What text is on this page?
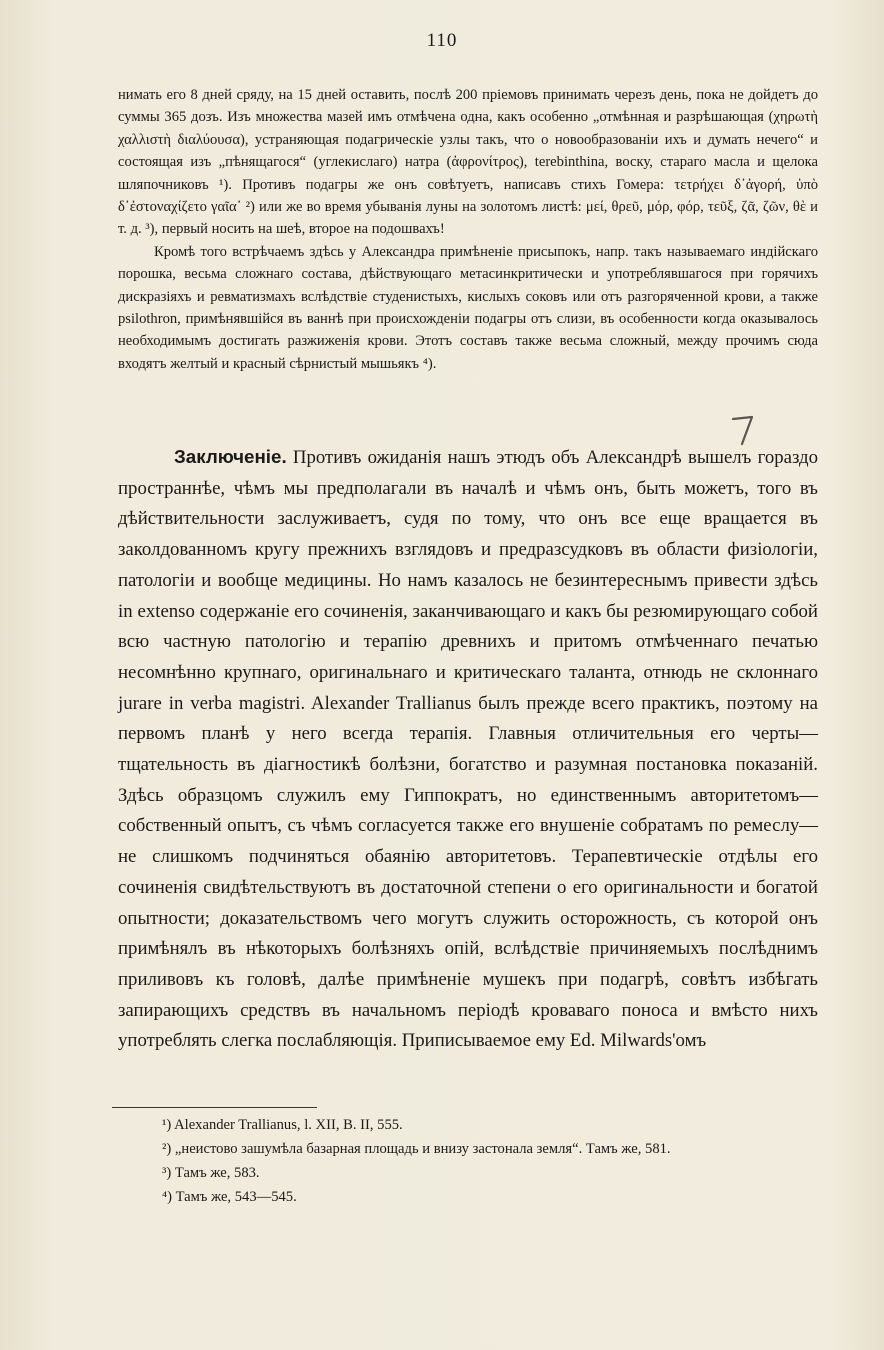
110

нимать его 8 дней сряду, на 15 дней оставить, послѣ 200 пріемовъ принимать черезъ день, пока не дойдетъ до суммы 365 дозъ. Изъ множества мазей имъ отмѣчена одна, какъ особенно „отмѣнная и разрѣшающая (χηρωτὴ χαλλιστὴ διαλύουσα), устраняющая подагрическіе узлы такъ, что о новообразованіи ихъ и думать нечего“ и состоящая изъ „пѣнящагося“ (углекислаго) натра (ἀφρονίτρος), terebinthina, воску, стараго масла и щелока шляпочниковъ ¹). Противъ подагры же онъ совѣтуетъ, написавъ стихъ Гомера: τετρήχει δ᾽ἀγορή, ὑπὸ δ᾽ἐστοναχίζετο γαῖα᾽ ²) или же во время убыванія луны на золотомъ листѣ: μεί, θρεῦ, μόρ, φόρ, τεῦξ, ζᾶ, ζῶν, θὲ и т. д. ³), первый носить на шеѣ, второе на подошвахъ!

Кромѣ того встрѣчаемъ здѣсь у Александра примѣненіе присыпокъ, напр. такъ называемаго индійскаго порошка, весьма сложнаго состава, дѣйствующаго метасинкритически и употреблявшагося при горячихъ дискразіяхъ и ревматизмахъ вслѣдствіе студенистыхъ, кислыхъ соковъ или отъ разгоряченной крови, а также psilothron, примѣнявшійся въ ваннѣ при происхожденіи подагры отъ слизи, въ особенности когда оказывалось необходимымъ достигать разжиженія крови. Этотъ составъ также весьма сложный, между прочимъ сюда входятъ желтый и красный сѣрнистый мышьякъ ⁴).

Заключеніе. Противъ ожиданія нашъ этюдъ объ Александрѣ вышелъ гораздо пространнѣе, чѣмъ мы предполагали въ началѣ и чѣмъ онъ, быть можетъ, того въ дѣйствительности заслуживаетъ, судя по тому, что онъ все еще вращается въ заколдованномъ кругу прежнихъ взглядовъ и предразсудковъ въ области физіологіи, патологіи и вообще медицины. Но намъ казалось не безинтереснымъ привести здѣсь in extenso содержаніе его сочиненія, заканчивающаго и какъ бы резюмирующаго собой всю частную патологію и терапію древнихъ и притомъ отмѣченнаго печатью несомнѣнно крупнаго, оригинальнаго и критическаго таланта, отнюдь не склоннаго jurare in verba magistri. Alexander Trallianus былъ прежде всего практикъ, поэтому на первомъ планѣ у него всегда терапія. Главныя отличительныя его черты—тщательность въ діагностикѣ болѣзни, богатство и разумная постановка показаній. Здѣсь образцомъ служилъ ему Гиппократъ, но единственнымъ авторитетомъ—собственный опытъ, съ чѣмъ согласуется также его внушеніе собратамъ по ремеслу—не слишкомъ подчиняться обаянію авторитетовъ. Терапевтическіе отдѣлы его сочиненія свидѣтельствуютъ въ достаточной степени о его оригинальности и богатой опытности; доказательствомъ чего могутъ служить осторожность, съ которой онъ примѣнялъ въ нѣкоторыхъ болѣзняхъ опій, вслѣдствіе причиняемыхъ послѣднимъ приливовъ къ головѣ, далѣе примѣненіе мушекъ при подагрѣ, совѣтъ избѣгать запирающихъ средствъ въ начальномъ періодѣ кроваваго поноса и вмѣсто нихъ употреблять слегка послабляющія. Приписываемое ему Ed. Milwards'омъ

¹) Alexander Trallianus, l. XII, B. II, 555.
²) „неистово зашумѣла базарная площадь и внизу застонала земля“. Тамъ же, 581.
³) Тамъ же, 583.
⁴) Тамъ же, 543—545.
